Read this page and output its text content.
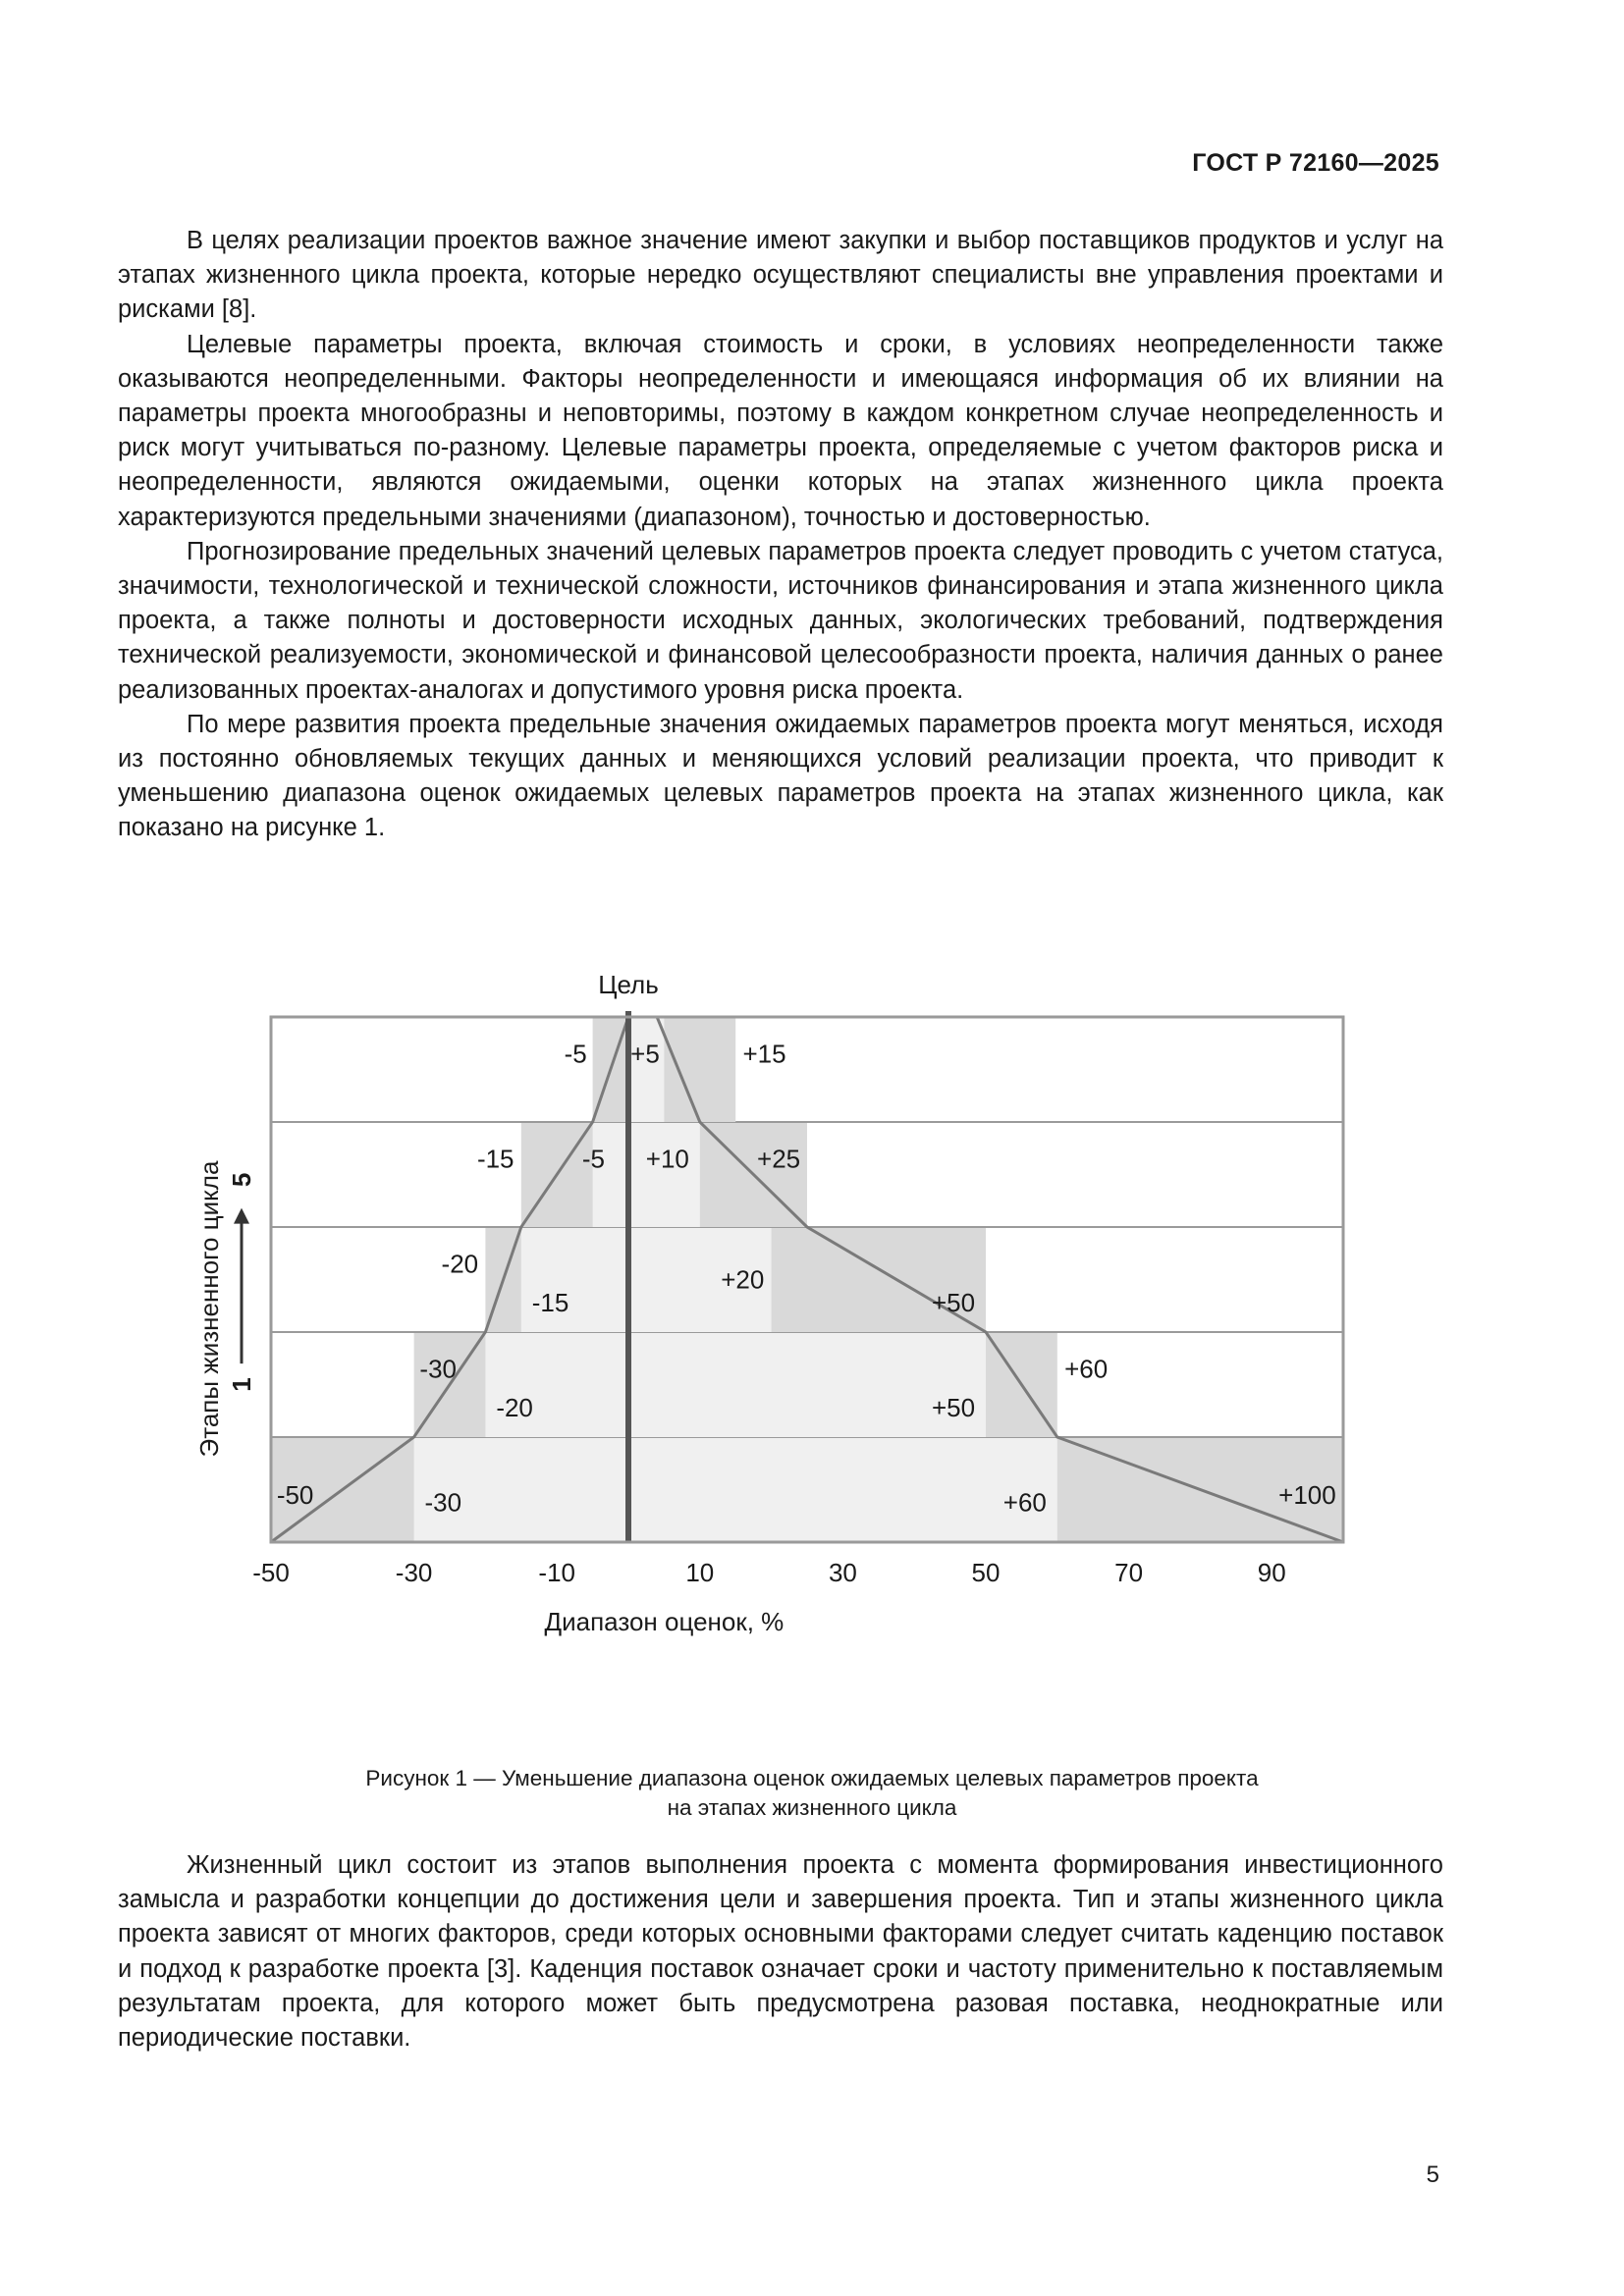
ГОСТ Р 72160—2025

В целях реализации проектов важное значение имеют закупки и выбор поставщиков продуктов и услуг на этапах жизненного цикла проекта, которые нередко осуществляют специалисты вне управления проектами и рисками [8].

Целевые параметры проекта, включая стоимость и сроки, в условиях неопределенности также оказываются неопределенными. Факторы неопределенности и имеющаяся информация об их влиянии на параметры проекта многообразны и неповторимы, поэтому в каждом конкретном случае неопределенность и риск могут учитываться по-разному. Целевые параметры проекта, определяемые с учетом факторов риска и неопределенности, являются ожидаемыми, оценки которых на этапах жизненного цикла проекта характеризуются предельными значениями (диапазоном), точностью и достоверностью.

Прогнозирование предельных значений целевых параметров проекта следует проводить с учетом статуса, значимости, технологической и технической сложности, источников финансирования и этапа жизненного цикла проекта, а также полноты и достоверности исходных данных, экологических требований, подтверждения технической реализуемости, экономической и финансовой целесообразности проекта, наличия данных о ранее реализованных проектах-аналогах и допустимого уровня риска проекта.

По мере развития проекта предельные значения ожидаемых параметров проекта могут меняться, исходя из постоянно обновляемых текущих данных и меняющихся условий реализации проекта, что приводит к уменьшению диапазона оценок ожидаемых целевых параметров проекта на этапах жизненного цикла, как показано на рисунке 1.

-50	+100
-30	+60
-30	+60
-20	+50
-20
+50
-15
+20
-15	+25
-5 +10
-5	+15
+5
-50	-30	-10	10	30	50	70	90
Цель
Диапазон оценок, %
Этапы жизненного цикла 1
5
Рисунок 1 — Уменьшение диапазона оценок ожидаемых целевых параметров проекта
на этапах жизненного цикла

Жизненный цикл состоит из этапов выполнения проекта с момента формирования инвестиционного замысла и разработки концепции до достижения цели и завершения проекта. Тип и этапы жизненного цикла проекта зависят от многих факторов, среди которых основными факторами следует считать каденцию поставок и подход к разработке проекта [3]. Каденция поставок означает сроки и частоту применительно к поставляемым результатам проекта, для которого может быть предусмотрена разовая поставка, неоднократные или периодические поставки.

5
